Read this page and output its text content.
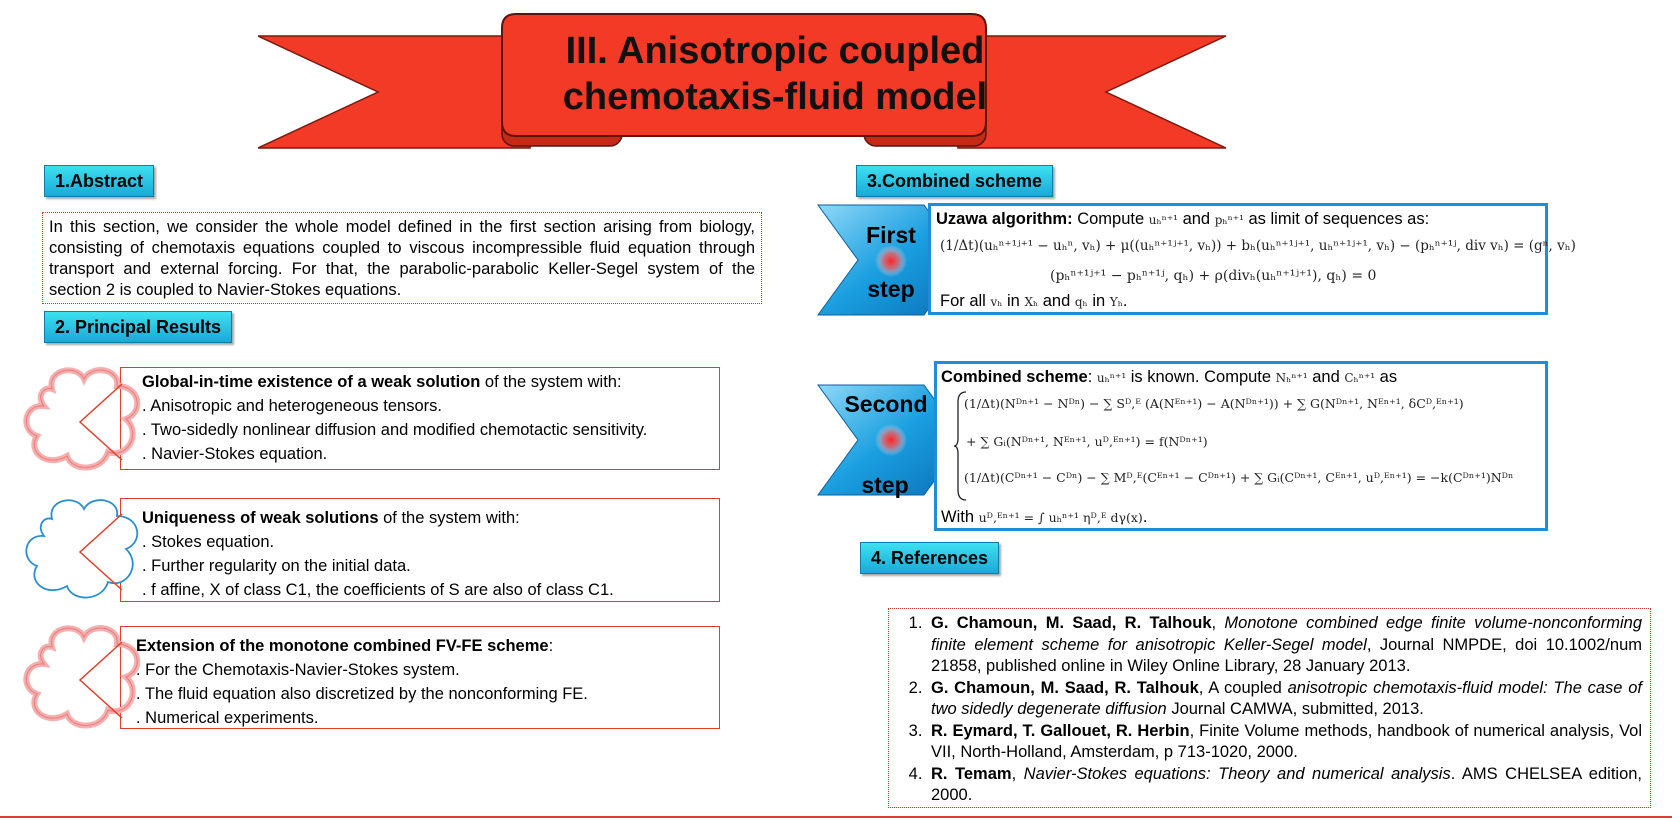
III. Anisotropic coupled
chemotaxis-fluid model
1.Abstract
In this section, we consider the whole model defined in the first section arising from biology, consisting of chemotaxis equations coupled to viscous incompressible fluid equation through transport and external forcing. For that, the parabolic-parabolic Keller-Segel system of the section 2 is coupled to Navier-Stokes equations.
2. Principal Results
Global-in-time existence of a weak solution of the system with:
. Anisotropic and heterogeneous tensors.
. Two-sidedly nonlinear diffusion and modified chemotactic sensitivity.
. Navier-Stokes equation.
Uniqueness of weak solutions of the system with:
. Stokes equation.
. Further regularity on the initial data.
. f affine, X of class C1, the coefficients of S are also of class C1.
Extension of the monotone combined FV-FE scheme:
. For the Chemotaxis-Navier-Stokes system.
. The fluid equation also discretized by the nonconforming FE.
. Numerical experiments.
3.Combined scheme
First
step
Uzawa algorithm: Compute uₕⁿ⁺¹ and pₕⁿ⁺¹ as limit of sequences as:
(1/Δt)(uₕⁿ⁺¹ʲ⁺¹ − uₕⁿ, vₕ) + μ((uₕⁿ⁺¹ʲ⁺¹, vₕ)) + bₕ(uₕⁿ⁺¹ʲ⁺¹, uₕⁿ⁺¹ʲ⁺¹, vₕ) − (pₕⁿ⁺¹ʲ, div vₕ) = (gⁿ, vₕ)
(pₕⁿ⁺¹ʲ⁺¹ − pₕⁿ⁺¹ʲ, qₕ) + ρ(divₕ(uₕⁿ⁺¹ʲ⁺¹), qₕ) = 0
For all vₕ in Xₕ and qₕ in Yₕ.
Second
step
Combined scheme: uₕⁿ⁺¹ is known. Compute Nₕⁿ⁺¹ and Cₕⁿ⁺¹ as
(1/Δt)(Nᴰⁿ⁺¹ − Nᴰⁿ) − ∑ Sᴰ,ᴱ (A(Nᴱⁿ⁺¹) − A(Nᴰⁿ⁺¹)) + ∑ G(Nᴰⁿ⁺¹, Nᴱⁿ⁺¹, δCᴰ,ᴱⁿ⁺¹)
+ ∑ Gᵢ(Nᴰⁿ⁺¹, Nᴱⁿ⁺¹, uᴰ,ᴱⁿ⁺¹) = f(Nᴰⁿ⁺¹)
(1/Δt)(Cᴰⁿ⁺¹ − Cᴰⁿ) − ∑ Mᴰ,ᴱ(Cᴱⁿ⁺¹ − Cᴰⁿ⁺¹) + ∑ Gᵢ(Cᴰⁿ⁺¹, Cᴱⁿ⁺¹, uᴰ,ᴱⁿ⁺¹) = −k(Cᴰⁿ⁺¹)Nᴰⁿ
With uᴰ,ᴱⁿ⁺¹ = ∫ uₕⁿ⁺¹ ηᴰ,ᴱ dγ(x).
4. References
1. G. Chamoun, M. Saad, R. Talhouk, Monotone combined edge finite volume-nonconforming finite element scheme for anisotropic Keller-Segel model, Journal NMPDE, doi 10.1002/num 21858, published online in Wiley Online Library, 28 January 2013.
2. G. Chamoun, M. Saad, R. Talhouk, A coupled anisotropic chemotaxis-fluid model: The case of two sidedly degenerate diffusion Journal CAMWA, submitted, 2013.
3. R. Eymard, T. Gallouet, R. Herbin, Finite Volume methods, handbook of numerical analysis, Vol VII, North-Holland, Amsterdam, p 713-1020, 2000.
4. R. Temam, Navier-Stokes equations: Theory and numerical analysis. AMS CHELSEA edition, 2000.
